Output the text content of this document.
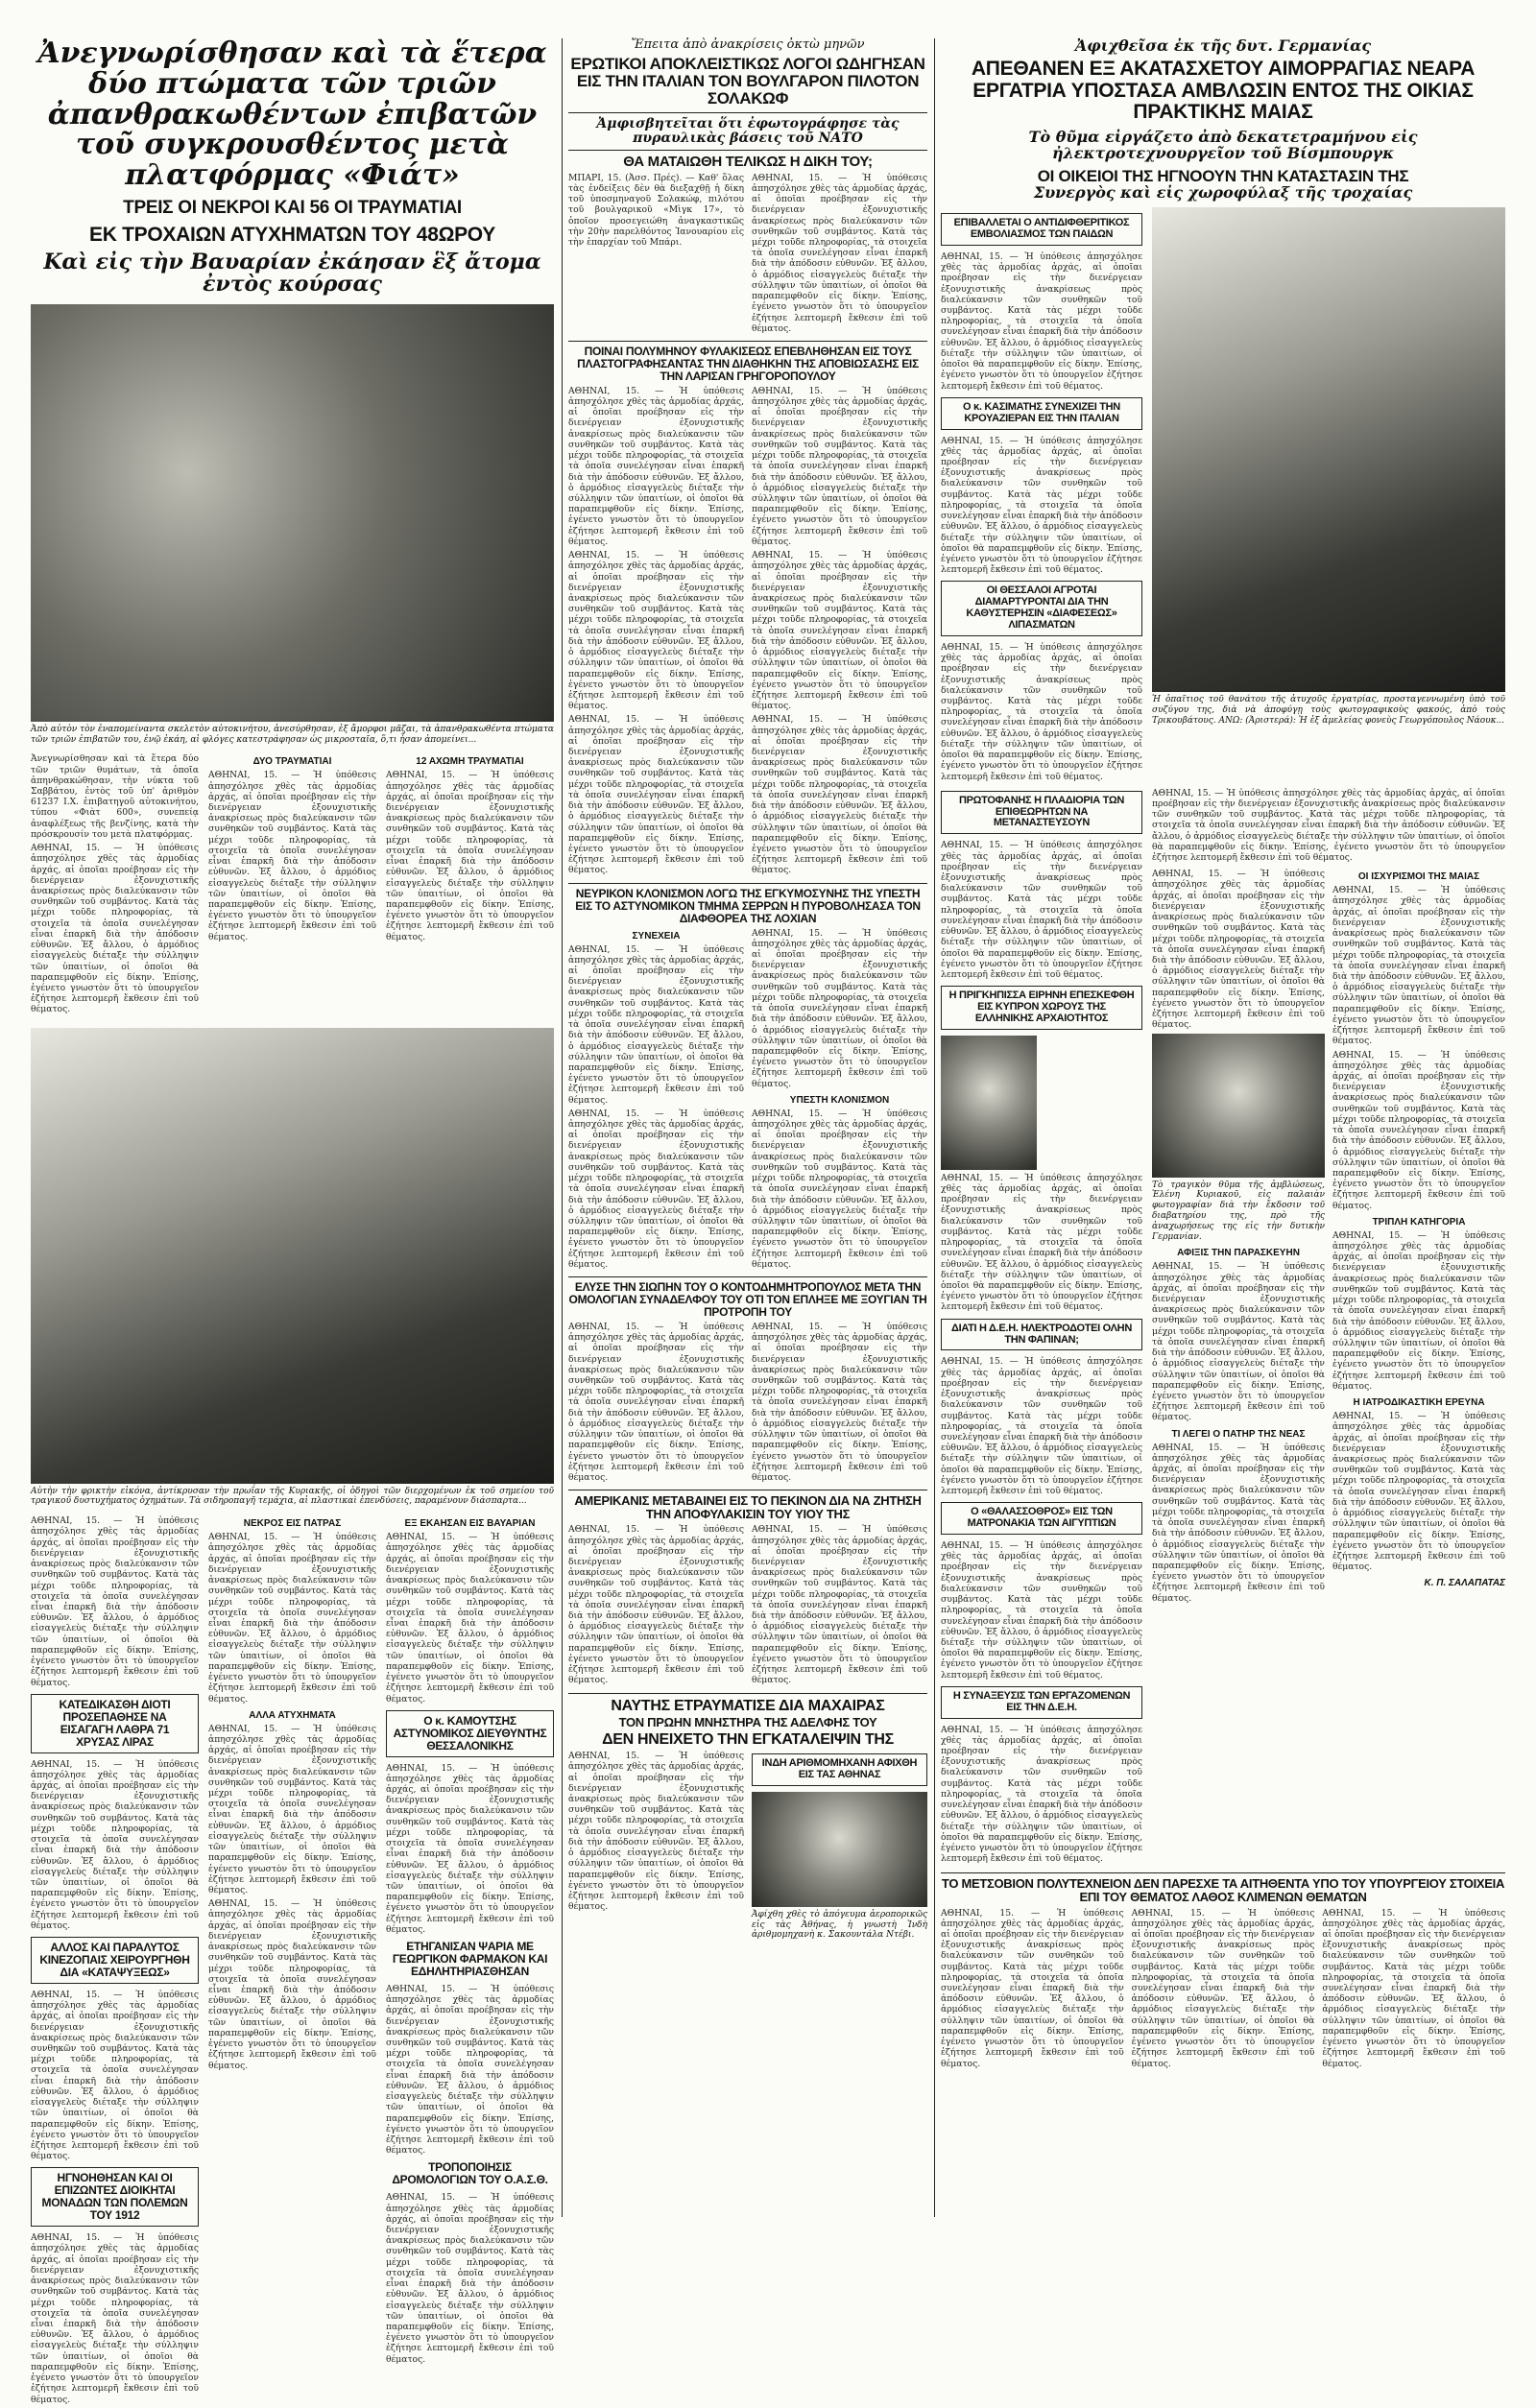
Ἀνεγνωρίσθησαν καὶ τὰ ἕτερα δύο πτώματα τῶν τριῶν ἀπανθρακωθέντων ἐπιβατῶν τοῦ συγκρουσθέντος μετὰ πλατφόρμας «Φιάτ»
ΤΡΕΙΣ ΟΙ ΝΕΚΡΟΙ ΚΑΙ 56 ΟΙ ΤΡΑΥΜΑΤΙΑΙ
ΕΚ ΤΡΟΧΑΙΩΝ ΑΤΥΧΗΜΑΤΩΝ ΤΟΥ 48ΩΡΟΥ
Καὶ εἰς τὴν Βαυαρίαν ἐκάησαν ἓξ ἄτομα ἐντὸς κούρσας
Ἀπὸ αὐτὸν τὸν ἐναπομείναντα σκελετὸν αὐτοκινήτου, ἀνεσύρθησαν, ἐξ ἄμορφοι μᾶζαι, τὰ ἀπανθρακωθέντα πτώματα τῶν τριῶν ἐπιβατῶν του, ἐνῷ ἐκάη, αἱ φλόγες κατεστράφησαν ὡς μικροσταῖα, ὅ,τι ἦσαν ἀπομείνει...
Ἀνεγνωρίσθησαν καὶ τὰ ἕτερα δύο τῶν τριῶν θυμάτων, τὰ ὁποῖα ἀπηνθρακώθησαν, τὴν νύκτα τοῦ Σαββάτου, ἐντὸς τοῦ ὑπ' ἀριθμὸν 61237 Ι.Χ. ἐπιβατηγοῦ αὐτοκινήτου, τύπου «Φιὰτ 600», συνεπείᾳ ἀναφλέξεως τῆς βενζίνης, κατὰ τὴν πρόσκρουσίν του μετὰ πλατφόρμας.
ΑΘΗΝΑΙ, 15. — Ἡ ὑπόθεσις ἀπησχόλησε χθὲς τὰς ἁρμοδίας ἀρχάς, αἱ ὁποῖαι προέβησαν εἰς τὴν διενέργειαν ἐξονυχιστικῆς ἀνακρίσεως πρὸς διαλεύκανσιν τῶν συνθηκῶν τοῦ συμβάντος. Κατὰ τὰς μέχρι τοῦδε πληροφορίας, τὰ στοιχεῖα τὰ ὁποῖα συνελέγησαν εἶναι ἐπαρκῆ διὰ τὴν ἀπόδοσιν εὐθυνῶν. Ἐξ ἄλλου, ὁ ἁρμόδιος εἰσαγγελεὺς διέταξε τὴν σύλληψιν τῶν ὑπαιτίων, οἱ ὁποῖοι θὰ παραπεμφθοῦν εἰς δίκην. Ἐπίσης, ἐγένετο γνωστὸν ὅτι τὸ ὑπουργεῖον ἐζήτησε λεπτομερῆ ἔκθεσιν ἐπὶ τοῦ θέματος.
ΔΥΟ ΤΡΑΥΜΑΤΙΑΙ
ΑΘΗΝΑΙ, 15. — Ἡ ὑπόθεσις ἀπησχόλησε χθὲς τὰς ἁρμοδίας ἀρχάς, αἱ ὁποῖαι προέβησαν εἰς τὴν διενέργειαν ἐξονυχιστικῆς ἀνακρίσεως πρὸς διαλεύκανσιν τῶν συνθηκῶν τοῦ συμβάντος. Κατὰ τὰς μέχρι τοῦδε πληροφορίας, τὰ στοιχεῖα τὰ ὁποῖα συνελέγησαν εἶναι ἐπαρκῆ διὰ τὴν ἀπόδοσιν εὐθυνῶν. Ἐξ ἄλλου, ὁ ἁρμόδιος εἰσαγγελεὺς διέταξε τὴν σύλληψιν τῶν ὑπαιτίων, οἱ ὁποῖοι θὰ παραπεμφθοῦν εἰς δίκην. Ἐπίσης, ἐγένετο γνωστὸν ὅτι τὸ ὑπουργεῖον ἐζήτησε λεπτομερῆ ἔκθεσιν ἐπὶ τοῦ θέματος.
12 ΑΧΩΜΗ ΤΡΑΥΜΑΤΙΑΙ
ΑΘΗΝΑΙ, 15. — Ἡ ὑπόθεσις ἀπησχόλησε χθὲς τὰς ἁρμοδίας ἀρχάς, αἱ ὁποῖαι προέβησαν εἰς τὴν διενέργειαν ἐξονυχιστικῆς ἀνακρίσεως πρὸς διαλεύκανσιν τῶν συνθηκῶν τοῦ συμβάντος. Κατὰ τὰς μέχρι τοῦδε πληροφορίας, τὰ στοιχεῖα τὰ ὁποῖα συνελέγησαν εἶναι ἐπαρκῆ διὰ τὴν ἀπόδοσιν εὐθυνῶν. Ἐξ ἄλλου, ὁ ἁρμόδιος εἰσαγγελεὺς διέταξε τὴν σύλληψιν τῶν ὑπαιτίων, οἱ ὁποῖοι θὰ παραπεμφθοῦν εἰς δίκην. Ἐπίσης, ἐγένετο γνωστὸν ὅτι τὸ ὑπουργεῖον ἐζήτησε λεπτομερῆ ἔκθεσιν ἐπὶ τοῦ θέματος.
Αὐτὴν τὴν φρικτὴν εἰκόνα, ἀντίκρυσαν τὴν πρωΐαν τῆς Κυριακῆς, οἱ ὁδηγοὶ τῶν διερχομένων ἐκ τοῦ σημείου τοῦ τραγικοῦ δυστυχήματος ὀχημάτων. Τὰ σιδηροπαγῆ τεμάχια, αἱ πλαστικαὶ ἐπενδύσεις, παραμένουν διάσπαρτα...
ΑΘΗΝΑΙ, 15. — Ἡ ὑπόθεσις ἀπησχόλησε χθὲς τὰς ἁρμοδίας ἀρχάς, αἱ ὁποῖαι προέβησαν εἰς τὴν διενέργειαν ἐξονυχιστικῆς ἀνακρίσεως πρὸς διαλεύκανσιν τῶν συνθηκῶν τοῦ συμβάντος. Κατὰ τὰς μέχρι τοῦδε πληροφορίας, τὰ στοιχεῖα τὰ ὁποῖα συνελέγησαν εἶναι ἐπαρκῆ διὰ τὴν ἀπόδοσιν εὐθυνῶν. Ἐξ ἄλλου, ὁ ἁρμόδιος εἰσαγγελεὺς διέταξε τὴν σύλληψιν τῶν ὑπαιτίων, οἱ ὁποῖοι θὰ παραπεμφθοῦν εἰς δίκην. Ἐπίσης, ἐγένετο γνωστὸν ὅτι τὸ ὑπουργεῖον ἐζήτησε λεπτομερῆ ἔκθεσιν ἐπὶ τοῦ θέματος.
ΚΑΤΕΔΙΚΑΣΘΗ ΔΙΟΤΙ ΠΡΟΣΕΠΑΘΗΣΕ ΝΑ ΕΙΣΑΓΑΓΗ ΛΑΘΡΑ 71 ΧΡΥΣΑΣ ΛΙΡΑΣ
ΑΘΗΝΑΙ, 15. — Ἡ ὑπόθεσις ἀπησχόλησε χθὲς τὰς ἁρμοδίας ἀρχάς, αἱ ὁποῖαι προέβησαν εἰς τὴν διενέργειαν ἐξονυχιστικῆς ἀνακρίσεως πρὸς διαλεύκανσιν τῶν συνθηκῶν τοῦ συμβάντος. Κατὰ τὰς μέχρι τοῦδε πληροφορίας, τὰ στοιχεῖα τὰ ὁποῖα συνελέγησαν εἶναι ἐπαρκῆ διὰ τὴν ἀπόδοσιν εὐθυνῶν. Ἐξ ἄλλου, ὁ ἁρμόδιος εἰσαγγελεὺς διέταξε τὴν σύλληψιν τῶν ὑπαιτίων, οἱ ὁποῖοι θὰ παραπεμφθοῦν εἰς δίκην. Ἐπίσης, ἐγένετο γνωστὸν ὅτι τὸ ὑπουργεῖον ἐζήτησε λεπτομερῆ ἔκθεσιν ἐπὶ τοῦ θέματος.
ΑΛΛΟΣ ΚΑΙ ΠΑΡΑΛΥΤΟΣ ΚΙΝΕΖΟΠΑΙΣ ΧΕΙΡΟΥΡΓΗΘΗ ΔΙΑ «ΚΑΤΑΨΥΞΕΩΣ»
ΑΘΗΝΑΙ, 15. — Ἡ ὑπόθεσις ἀπησχόλησε χθὲς τὰς ἁρμοδίας ἀρχάς, αἱ ὁποῖαι προέβησαν εἰς τὴν διενέργειαν ἐξονυχιστικῆς ἀνακρίσεως πρὸς διαλεύκανσιν τῶν συνθηκῶν τοῦ συμβάντος. Κατὰ τὰς μέχρι τοῦδε πληροφορίας, τὰ στοιχεῖα τὰ ὁποῖα συνελέγησαν εἶναι ἐπαρκῆ διὰ τὴν ἀπόδοσιν εὐθυνῶν. Ἐξ ἄλλου, ὁ ἁρμόδιος εἰσαγγελεὺς διέταξε τὴν σύλληψιν τῶν ὑπαιτίων, οἱ ὁποῖοι θὰ παραπεμφθοῦν εἰς δίκην. Ἐπίσης, ἐγένετο γνωστὸν ὅτι τὸ ὑπουργεῖον ἐζήτησε λεπτομερῆ ἔκθεσιν ἐπὶ τοῦ θέματος.
ΗΓΝΟΗΘΗΣΑΝ ΚΑΙ ΟΙ ΕΠΙΖΩΝΤΕΣ ΔΙΟΙΚΗΤΑΙ ΜΟΝΑΔΩΝ ΤΩΝ ΠΟΛΕΜΩΝ ΤΟΥ 1912
ΑΘΗΝΑΙ, 15. — Ἡ ὑπόθεσις ἀπησχόλησε χθὲς τὰς ἁρμοδίας ἀρχάς, αἱ ὁποῖαι προέβησαν εἰς τὴν διενέργειαν ἐξονυχιστικῆς ἀνακρίσεως πρὸς διαλεύκανσιν τῶν συνθηκῶν τοῦ συμβάντος. Κατὰ τὰς μέχρι τοῦδε πληροφορίας, τὰ στοιχεῖα τὰ ὁποῖα συνελέγησαν εἶναι ἐπαρκῆ διὰ τὴν ἀπόδοσιν εὐθυνῶν. Ἐξ ἄλλου, ὁ ἁρμόδιος εἰσαγγελεὺς διέταξε τὴν σύλληψιν τῶν ὑπαιτίων, οἱ ὁποῖοι θὰ παραπεμφθοῦν εἰς δίκην. Ἐπίσης, ἐγένετο γνωστὸν ὅτι τὸ ὑπουργεῖον ἐζήτησε λεπτομερῆ ἔκθεσιν ἐπὶ τοῦ θέματος.
ΝΕΚΡΟΣ ΕΙΣ ΠΑΤΡΑΣ
ΑΘΗΝΑΙ, 15. — Ἡ ὑπόθεσις ἀπησχόλησε χθὲς τὰς ἁρμοδίας ἀρχάς, αἱ ὁποῖαι προέβησαν εἰς τὴν διενέργειαν ἐξονυχιστικῆς ἀνακρίσεως πρὸς διαλεύκανσιν τῶν συνθηκῶν τοῦ συμβάντος. Κατὰ τὰς μέχρι τοῦδε πληροφορίας, τὰ στοιχεῖα τὰ ὁποῖα συνελέγησαν εἶναι ἐπαρκῆ διὰ τὴν ἀπόδοσιν εὐθυνῶν. Ἐξ ἄλλου, ὁ ἁρμόδιος εἰσαγγελεὺς διέταξε τὴν σύλληψιν τῶν ὑπαιτίων, οἱ ὁποῖοι θὰ παραπεμφθοῦν εἰς δίκην. Ἐπίσης, ἐγένετο γνωστὸν ὅτι τὸ ὑπουργεῖον ἐζήτησε λεπτομερῆ ἔκθεσιν ἐπὶ τοῦ θέματος.
ΑΛΛΑ ΑΤΥΧΗΜΑΤΑ
ΑΘΗΝΑΙ, 15. — Ἡ ὑπόθεσις ἀπησχόλησε χθὲς τὰς ἁρμοδίας ἀρχάς, αἱ ὁποῖαι προέβησαν εἰς τὴν διενέργειαν ἐξονυχιστικῆς ἀνακρίσεως πρὸς διαλεύκανσιν τῶν συνθηκῶν τοῦ συμβάντος. Κατὰ τὰς μέχρι τοῦδε πληροφορίας, τὰ στοιχεῖα τὰ ὁποῖα συνελέγησαν εἶναι ἐπαρκῆ διὰ τὴν ἀπόδοσιν εὐθυνῶν. Ἐξ ἄλλου, ὁ ἁρμόδιος εἰσαγγελεὺς διέταξε τὴν σύλληψιν τῶν ὑπαιτίων, οἱ ὁποῖοι θὰ παραπεμφθοῦν εἰς δίκην. Ἐπίσης, ἐγένετο γνωστὸν ὅτι τὸ ὑπουργεῖον ἐζήτησε λεπτομερῆ ἔκθεσιν ἐπὶ τοῦ θέματος.
ΑΘΗΝΑΙ, 15. — Ἡ ὑπόθεσις ἀπησχόλησε χθὲς τὰς ἁρμοδίας ἀρχάς, αἱ ὁποῖαι προέβησαν εἰς τὴν διενέργειαν ἐξονυχιστικῆς ἀνακρίσεως πρὸς διαλεύκανσιν τῶν συνθηκῶν τοῦ συμβάντος. Κατὰ τὰς μέχρι τοῦδε πληροφορίας, τὰ στοιχεῖα τὰ ὁποῖα συνελέγησαν εἶναι ἐπαρκῆ διὰ τὴν ἀπόδοσιν εὐθυνῶν. Ἐξ ἄλλου, ὁ ἁρμόδιος εἰσαγγελεὺς διέταξε τὴν σύλληψιν τῶν ὑπαιτίων, οἱ ὁποῖοι θὰ παραπεμφθοῦν εἰς δίκην. Ἐπίσης, ἐγένετο γνωστὸν ὅτι τὸ ὑπουργεῖον ἐζήτησε λεπτομερῆ ἔκθεσιν ἐπὶ τοῦ θέματος.
ΕΞ ΕΚΑΗΣΑΝ ΕΙΣ ΒΑΥΑΡΙΑΝ
ΑΘΗΝΑΙ, 15. — Ἡ ὑπόθεσις ἀπησχόλησε χθὲς τὰς ἁρμοδίας ἀρχάς, αἱ ὁποῖαι προέβησαν εἰς τὴν διενέργειαν ἐξονυχιστικῆς ἀνακρίσεως πρὸς διαλεύκανσιν τῶν συνθηκῶν τοῦ συμβάντος. Κατὰ τὰς μέχρι τοῦδε πληροφορίας, τὰ στοιχεῖα τὰ ὁποῖα συνελέγησαν εἶναι ἐπαρκῆ διὰ τὴν ἀπόδοσιν εὐθυνῶν. Ἐξ ἄλλου, ὁ ἁρμόδιος εἰσαγγελεὺς διέταξε τὴν σύλληψιν τῶν ὑπαιτίων, οἱ ὁποῖοι θὰ παραπεμφθοῦν εἰς δίκην. Ἐπίσης, ἐγένετο γνωστὸν ὅτι τὸ ὑπουργεῖον ἐζήτησε λεπτομερῆ ἔκθεσιν ἐπὶ τοῦ θέματος.
Ο κ. ΚΑΜΟΥΤΣΗΣ ΑΣΤΥΝΟΜΙΚΟΣ ΔΙΕΥΘΥΝΤΗΣ ΘΕΣΣΑΛΟΝΙΚΗΣ
ΑΘΗΝΑΙ, 15. — Ἡ ὑπόθεσις ἀπησχόλησε χθὲς τὰς ἁρμοδίας ἀρχάς, αἱ ὁποῖαι προέβησαν εἰς τὴν διενέργειαν ἐξονυχιστικῆς ἀνακρίσεως πρὸς διαλεύκανσιν τῶν συνθηκῶν τοῦ συμβάντος. Κατὰ τὰς μέχρι τοῦδε πληροφορίας, τὰ στοιχεῖα τὰ ὁποῖα συνελέγησαν εἶναι ἐπαρκῆ διὰ τὴν ἀπόδοσιν εὐθυνῶν. Ἐξ ἄλλου, ὁ ἁρμόδιος εἰσαγγελεὺς διέταξε τὴν σύλληψιν τῶν ὑπαιτίων, οἱ ὁποῖοι θὰ παραπεμφθοῦν εἰς δίκην. Ἐπίσης, ἐγένετο γνωστὸν ὅτι τὸ ὑπουργεῖον ἐζήτησε λεπτομερῆ ἔκθεσιν ἐπὶ τοῦ θέματος.
ΕΤΗΓΑΝΙΣΑΝ ΨΑΡΙΑ ΜΕ ΓΕΩΡΓΙΚΟΝ ΦΑΡΜΑΚΟΝ ΚΑΙ ΕΔΗΛΗΤΗΡΙΑΣΘΗΣΑΝ
ΑΘΗΝΑΙ, 15. — Ἡ ὑπόθεσις ἀπησχόλησε χθὲς τὰς ἁρμοδίας ἀρχάς, αἱ ὁποῖαι προέβησαν εἰς τὴν διενέργειαν ἐξονυχιστικῆς ἀνακρίσεως πρὸς διαλεύκανσιν τῶν συνθηκῶν τοῦ συμβάντος. Κατὰ τὰς μέχρι τοῦδε πληροφορίας, τὰ στοιχεῖα τὰ ὁποῖα συνελέγησαν εἶναι ἐπαρκῆ διὰ τὴν ἀπόδοσιν εὐθυνῶν. Ἐξ ἄλλου, ὁ ἁρμόδιος εἰσαγγελεὺς διέταξε τὴν σύλληψιν τῶν ὑπαιτίων, οἱ ὁποῖοι θὰ παραπεμφθοῦν εἰς δίκην. Ἐπίσης, ἐγένετο γνωστὸν ὅτι τὸ ὑπουργεῖον ἐζήτησε λεπτομερῆ ἔκθεσιν ἐπὶ τοῦ θέματος.
ΤΡΟΠΟΠΟΙΗΣΙΣ ΔΡΟΜΟΛΟΓΙΩΝ ΤΟΥ Ο.Α.Σ.Θ.
ΑΘΗΝΑΙ, 15. — Ἡ ὑπόθεσις ἀπησχόλησε χθὲς τὰς ἁρμοδίας ἀρχάς, αἱ ὁποῖαι προέβησαν εἰς τὴν διενέργειαν ἐξονυχιστικῆς ἀνακρίσεως πρὸς διαλεύκανσιν τῶν συνθηκῶν τοῦ συμβάντος. Κατὰ τὰς μέχρι τοῦδε πληροφορίας, τὰ στοιχεῖα τὰ ὁποῖα συνελέγησαν εἶναι ἐπαρκῆ διὰ τὴν ἀπόδοσιν εὐθυνῶν. Ἐξ ἄλλου, ὁ ἁρμόδιος εἰσαγγελεὺς διέταξε τὴν σύλληψιν τῶν ὑπαιτίων, οἱ ὁποῖοι θὰ παραπεμφθοῦν εἰς δίκην. Ἐπίσης, ἐγένετο γνωστὸν ὅτι τὸ ὑπουργεῖον ἐζήτησε λεπτομερῆ ἔκθεσιν ἐπὶ τοῦ θέματος.
Ἔπειτα ἀπὸ ἀνακρίσεις ὀκτὼ μηνῶν
ΕΡΩΤΙΚΟΙ ΑΠΟΚΛΕΙΣΤΙΚΩΣ ΛΟΓΟΙ ΩΔΗΓΗΣΑΝ ΕΙΣ ΤΗΝ ΙΤΑΛΙΑΝ ΤΟΝ ΒΟΥΛΓΑΡΟΝ ΠΙΛΟΤΟΝ ΣΟΛΑΚΩΦ
Ἀμφισβητεῖται ὅτι ἐφωτογράφησε τὰς πυραυλικὰς βάσεις τοῦ ΝΑΤΟ
ΘΑ ΜΑΤΑΙΩΘΗ ΤΕΛΙΚΩΣ Η ΔΙΚΗ ΤΟΥ;
ΜΠΑΡΙ, 15. (Ἀσσ. Πρές). — Καθ' ὅλας τὰς ἐνδείξεις δὲν θὰ διεξαχθῇ ἡ δίκη τοῦ ὑποσμηναγοῦ Σολακώφ, πιλότου τοῦ βουλγαρικοῦ «Μὶγκ 17», τὸ ὁποῖον προσεγειώθη ἀναγκαστικῶς τὴν 20ὴν παρελθόντος Ἰανουαρίου εἰς τὴν ἐπαρχίαν τοῦ Μπάρι.
ΑΘΗΝΑΙ, 15. — Ἡ ὑπόθεσις ἀπησχόλησε χθὲς τὰς ἁρμοδίας ἀρχάς, αἱ ὁποῖαι προέβησαν εἰς τὴν διενέργειαν ἐξονυχιστικῆς ἀνακρίσεως πρὸς διαλεύκανσιν τῶν συνθηκῶν τοῦ συμβάντος. Κατὰ τὰς μέχρι τοῦδε πληροφορίας, τὰ στοιχεῖα τὰ ὁποῖα συνελέγησαν εἶναι ἐπαρκῆ διὰ τὴν ἀπόδοσιν εὐθυνῶν. Ἐξ ἄλλου, ὁ ἁρμόδιος εἰσαγγελεὺς διέταξε τὴν σύλληψιν τῶν ὑπαιτίων, οἱ ὁποῖοι θὰ παραπεμφθοῦν εἰς δίκην. Ἐπίσης, ἐγένετο γνωστὸν ὅτι τὸ ὑπουργεῖον ἐζήτησε λεπτομερῆ ἔκθεσιν ἐπὶ τοῦ θέματος.
ΠΟΙΝΑΙ ΠΟΛΥΜΗΝΟΥ ΦΥΛΑΚΙΣΕΩΣ ΕΠΕΒΛΗΘΗΣΑΝ ΕΙΣ ΤΟΥΣ ΠΛΑΣΤΟΓΡΑΦΗΣΑΝΤΑΣ ΤΗΝ ΔΙΑΘΗΚΗΝ ΤΗΣ ΑΠΟΒΙΩΣΑΣΗΣ ΕΙΣ ΤΗΝ ΛΑΡΙΣΑΝ ΓΡΗΓΟΡΟΠΟΥΛΟΥ
ΑΘΗΝΑΙ, 15. — Ἡ ὑπόθεσις ἀπησχόλησε χθὲς τὰς ἁρμοδίας ἀρχάς, αἱ ὁποῖαι προέβησαν εἰς τὴν διενέργειαν ἐξονυχιστικῆς ἀνακρίσεως πρὸς διαλεύκανσιν τῶν συνθηκῶν τοῦ συμβάντος. Κατὰ τὰς μέχρι τοῦδε πληροφορίας, τὰ στοιχεῖα τὰ ὁποῖα συνελέγησαν εἶναι ἐπαρκῆ διὰ τὴν ἀπόδοσιν εὐθυνῶν. Ἐξ ἄλλου, ὁ ἁρμόδιος εἰσαγγελεὺς διέταξε τὴν σύλληψιν τῶν ὑπαιτίων, οἱ ὁποῖοι θὰ παραπεμφθοῦν εἰς δίκην. Ἐπίσης, ἐγένετο γνωστὸν ὅτι τὸ ὑπουργεῖον ἐζήτησε λεπτομερῆ ἔκθεσιν ἐπὶ τοῦ θέματος.
ΑΘΗΝΑΙ, 15. — Ἡ ὑπόθεσις ἀπησχόλησε χθὲς τὰς ἁρμοδίας ἀρχάς, αἱ ὁποῖαι προέβησαν εἰς τὴν διενέργειαν ἐξονυχιστικῆς ἀνακρίσεως πρὸς διαλεύκανσιν τῶν συνθηκῶν τοῦ συμβάντος. Κατὰ τὰς μέχρι τοῦδε πληροφορίας, τὰ στοιχεῖα τὰ ὁποῖα συνελέγησαν εἶναι ἐπαρκῆ διὰ τὴν ἀπόδοσιν εὐθυνῶν. Ἐξ ἄλλου, ὁ ἁρμόδιος εἰσαγγελεὺς διέταξε τὴν σύλληψιν τῶν ὑπαιτίων, οἱ ὁποῖοι θὰ παραπεμφθοῦν εἰς δίκην. Ἐπίσης, ἐγένετο γνωστὸν ὅτι τὸ ὑπουργεῖον ἐζήτησε λεπτομερῆ ἔκθεσιν ἐπὶ τοῦ θέματος.
ΑΘΗΝΑΙ, 15. — Ἡ ὑπόθεσις ἀπησχόλησε χθὲς τὰς ἁρμοδίας ἀρχάς, αἱ ὁποῖαι προέβησαν εἰς τὴν διενέργειαν ἐξονυχιστικῆς ἀνακρίσεως πρὸς διαλεύκανσιν τῶν συνθηκῶν τοῦ συμβάντος. Κατὰ τὰς μέχρι τοῦδε πληροφορίας, τὰ στοιχεῖα τὰ ὁποῖα συνελέγησαν εἶναι ἐπαρκῆ διὰ τὴν ἀπόδοσιν εὐθυνῶν. Ἐξ ἄλλου, ὁ ἁρμόδιος εἰσαγγελεὺς διέταξε τὴν σύλληψιν τῶν ὑπαιτίων, οἱ ὁποῖοι θὰ παραπεμφθοῦν εἰς δίκην. Ἐπίσης, ἐγένετο γνωστὸν ὅτι τὸ ὑπουργεῖον ἐζήτησε λεπτομερῆ ἔκθεσιν ἐπὶ τοῦ θέματος.
ΑΘΗΝΑΙ, 15. — Ἡ ὑπόθεσις ἀπησχόλησε χθὲς τὰς ἁρμοδίας ἀρχάς, αἱ ὁποῖαι προέβησαν εἰς τὴν διενέργειαν ἐξονυχιστικῆς ἀνακρίσεως πρὸς διαλεύκανσιν τῶν συνθηκῶν τοῦ συμβάντος. Κατὰ τὰς μέχρι τοῦδε πληροφορίας, τὰ στοιχεῖα τὰ ὁποῖα συνελέγησαν εἶναι ἐπαρκῆ διὰ τὴν ἀπόδοσιν εὐθυνῶν. Ἐξ ἄλλου, ὁ ἁρμόδιος εἰσαγγελεὺς διέταξε τὴν σύλληψιν τῶν ὑπαιτίων, οἱ ὁποῖοι θὰ παραπεμφθοῦν εἰς δίκην. Ἐπίσης, ἐγένετο γνωστὸν ὅτι τὸ ὑπουργεῖον ἐζήτησε λεπτομερῆ ἔκθεσιν ἐπὶ τοῦ θέματος.
ΑΘΗΝΑΙ, 15. — Ἡ ὑπόθεσις ἀπησχόλησε χθὲς τὰς ἁρμοδίας ἀρχάς, αἱ ὁποῖαι προέβησαν εἰς τὴν διενέργειαν ἐξονυχιστικῆς ἀνακρίσεως πρὸς διαλεύκανσιν τῶν συνθηκῶν τοῦ συμβάντος. Κατὰ τὰς μέχρι τοῦδε πληροφορίας, τὰ στοιχεῖα τὰ ὁποῖα συνελέγησαν εἶναι ἐπαρκῆ διὰ τὴν ἀπόδοσιν εὐθυνῶν. Ἐξ ἄλλου, ὁ ἁρμόδιος εἰσαγγελεὺς διέταξε τὴν σύλληψιν τῶν ὑπαιτίων, οἱ ὁποῖοι θὰ παραπεμφθοῦν εἰς δίκην. Ἐπίσης, ἐγένετο γνωστὸν ὅτι τὸ ὑπουργεῖον ἐζήτησε λεπτομερῆ ἔκθεσιν ἐπὶ τοῦ θέματος.
ΑΘΗΝΑΙ, 15. — Ἡ ὑπόθεσις ἀπησχόλησε χθὲς τὰς ἁρμοδίας ἀρχάς, αἱ ὁποῖαι προέβησαν εἰς τὴν διενέργειαν ἐξονυχιστικῆς ἀνακρίσεως πρὸς διαλεύκανσιν τῶν συνθηκῶν τοῦ συμβάντος. Κατὰ τὰς μέχρι τοῦδε πληροφορίας, τὰ στοιχεῖα τὰ ὁποῖα συνελέγησαν εἶναι ἐπαρκῆ διὰ τὴν ἀπόδοσιν εὐθυνῶν. Ἐξ ἄλλου, ὁ ἁρμόδιος εἰσαγγελεὺς διέταξε τὴν σύλληψιν τῶν ὑπαιτίων, οἱ ὁποῖοι θὰ παραπεμφθοῦν εἰς δίκην. Ἐπίσης, ἐγένετο γνωστὸν ὅτι τὸ ὑπουργεῖον ἐζήτησε λεπτομερῆ ἔκθεσιν ἐπὶ τοῦ θέματος.
ΝΕΥΡΙΚΟΝ ΚΛΟΝΙΣΜΟΝ ΛΟΓΩ ΤΗΣ ΕΓΚΥΜΟΣΥΝΗΣ ΤΗΣ ΥΠΕΣΤΗ ΕΙΣ ΤΟ ΑΣΤΥΝΟΜΙΚΟΝ ΤΜΗΜΑ ΣΕΡΡΩΝ Η ΠΥΡΟΒΟΛΗΣΑΣΑ ΤΟΝ ΔΙΑΦΘΟΡΕΑ ΤΗΣ ΛΟΧΙΑΝ
ΣΥΝΕΧΕΙΑ
ΑΘΗΝΑΙ, 15. — Ἡ ὑπόθεσις ἀπησχόλησε χθὲς τὰς ἁρμοδίας ἀρχάς, αἱ ὁποῖαι προέβησαν εἰς τὴν διενέργειαν ἐξονυχιστικῆς ἀνακρίσεως πρὸς διαλεύκανσιν τῶν συνθηκῶν τοῦ συμβάντος. Κατὰ τὰς μέχρι τοῦδε πληροφορίας, τὰ στοιχεῖα τὰ ὁποῖα συνελέγησαν εἶναι ἐπαρκῆ διὰ τὴν ἀπόδοσιν εὐθυνῶν. Ἐξ ἄλλου, ὁ ἁρμόδιος εἰσαγγελεὺς διέταξε τὴν σύλληψιν τῶν ὑπαιτίων, οἱ ὁποῖοι θὰ παραπεμφθοῦν εἰς δίκην. Ἐπίσης, ἐγένετο γνωστὸν ὅτι τὸ ὑπουργεῖον ἐζήτησε λεπτομερῆ ἔκθεσιν ἐπὶ τοῦ θέματος.
ΑΘΗΝΑΙ, 15. — Ἡ ὑπόθεσις ἀπησχόλησε χθὲς τὰς ἁρμοδίας ἀρχάς, αἱ ὁποῖαι προέβησαν εἰς τὴν διενέργειαν ἐξονυχιστικῆς ἀνακρίσεως πρὸς διαλεύκανσιν τῶν συνθηκῶν τοῦ συμβάντος. Κατὰ τὰς μέχρι τοῦδε πληροφορίας, τὰ στοιχεῖα τὰ ὁποῖα συνελέγησαν εἶναι ἐπαρκῆ διὰ τὴν ἀπόδοσιν εὐθυνῶν. Ἐξ ἄλλου, ὁ ἁρμόδιος εἰσαγγελεὺς διέταξε τὴν σύλληψιν τῶν ὑπαιτίων, οἱ ὁποῖοι θὰ παραπεμφθοῦν εἰς δίκην. Ἐπίσης, ἐγένετο γνωστὸν ὅτι τὸ ὑπουργεῖον ἐζήτησε λεπτομερῆ ἔκθεσιν ἐπὶ τοῦ θέματος.
ΑΘΗΝΑΙ, 15. — Ἡ ὑπόθεσις ἀπησχόλησε χθὲς τὰς ἁρμοδίας ἀρχάς, αἱ ὁποῖαι προέβησαν εἰς τὴν διενέργειαν ἐξονυχιστικῆς ἀνακρίσεως πρὸς διαλεύκανσιν τῶν συνθηκῶν τοῦ συμβάντος. Κατὰ τὰς μέχρι τοῦδε πληροφορίας, τὰ στοιχεῖα τὰ ὁποῖα συνελέγησαν εἶναι ἐπαρκῆ διὰ τὴν ἀπόδοσιν εὐθυνῶν. Ἐξ ἄλλου, ὁ ἁρμόδιος εἰσαγγελεὺς διέταξε τὴν σύλληψιν τῶν ὑπαιτίων, οἱ ὁποῖοι θὰ παραπεμφθοῦν εἰς δίκην. Ἐπίσης, ἐγένετο γνωστὸν ὅτι τὸ ὑπουργεῖον ἐζήτησε λεπτομερῆ ἔκθεσιν ἐπὶ τοῦ θέματος.
ΥΠΕΣΤΗ ΚΛΟΝΙΣΜΟΝ
ΑΘΗΝΑΙ, 15. — Ἡ ὑπόθεσις ἀπησχόλησε χθὲς τὰς ἁρμοδίας ἀρχάς, αἱ ὁποῖαι προέβησαν εἰς τὴν διενέργειαν ἐξονυχιστικῆς ἀνακρίσεως πρὸς διαλεύκανσιν τῶν συνθηκῶν τοῦ συμβάντος. Κατὰ τὰς μέχρι τοῦδε πληροφορίας, τὰ στοιχεῖα τὰ ὁποῖα συνελέγησαν εἶναι ἐπαρκῆ διὰ τὴν ἀπόδοσιν εὐθυνῶν. Ἐξ ἄλλου, ὁ ἁρμόδιος εἰσαγγελεὺς διέταξε τὴν σύλληψιν τῶν ὑπαιτίων, οἱ ὁποῖοι θὰ παραπεμφθοῦν εἰς δίκην. Ἐπίσης, ἐγένετο γνωστὸν ὅτι τὸ ὑπουργεῖον ἐζήτησε λεπτομερῆ ἔκθεσιν ἐπὶ τοῦ θέματος.
ΕΛΥΣΕ ΤΗΝ ΣΙΩΠΗΝ ΤΟΥ Ο ΚΟΝΤΟΔΗΜΗΤΡΟΠΟΥΛΟΣ ΜΕΤΑ ΤΗΝ ΟΜΟΛΟΓΙΑΝ ΣΥΝΑΔΕΛΦΟΥ ΤΟΥ ΟΤΙ ΤΟΝ ΕΠΛΗΞΕ ΜΕ ΞΟΥΓΙΑΝ ΤΗ ΠΡΟΤΡΟΠΗ ΤΟΥ
ΑΘΗΝΑΙ, 15. — Ἡ ὑπόθεσις ἀπησχόλησε χθὲς τὰς ἁρμοδίας ἀρχάς, αἱ ὁποῖαι προέβησαν εἰς τὴν διενέργειαν ἐξονυχιστικῆς ἀνακρίσεως πρὸς διαλεύκανσιν τῶν συνθηκῶν τοῦ συμβάντος. Κατὰ τὰς μέχρι τοῦδε πληροφορίας, τὰ στοιχεῖα τὰ ὁποῖα συνελέγησαν εἶναι ἐπαρκῆ διὰ τὴν ἀπόδοσιν εὐθυνῶν. Ἐξ ἄλλου, ὁ ἁρμόδιος εἰσαγγελεὺς διέταξε τὴν σύλληψιν τῶν ὑπαιτίων, οἱ ὁποῖοι θὰ παραπεμφθοῦν εἰς δίκην. Ἐπίσης, ἐγένετο γνωστὸν ὅτι τὸ ὑπουργεῖον ἐζήτησε λεπτομερῆ ἔκθεσιν ἐπὶ τοῦ θέματος.
ΑΘΗΝΑΙ, 15. — Ἡ ὑπόθεσις ἀπησχόλησε χθὲς τὰς ἁρμοδίας ἀρχάς, αἱ ὁποῖαι προέβησαν εἰς τὴν διενέργειαν ἐξονυχιστικῆς ἀνακρίσεως πρὸς διαλεύκανσιν τῶν συνθηκῶν τοῦ συμβάντος. Κατὰ τὰς μέχρι τοῦδε πληροφορίας, τὰ στοιχεῖα τὰ ὁποῖα συνελέγησαν εἶναι ἐπαρκῆ διὰ τὴν ἀπόδοσιν εὐθυνῶν. Ἐξ ἄλλου, ὁ ἁρμόδιος εἰσαγγελεὺς διέταξε τὴν σύλληψιν τῶν ὑπαιτίων, οἱ ὁποῖοι θὰ παραπεμφθοῦν εἰς δίκην. Ἐπίσης, ἐγένετο γνωστὸν ὅτι τὸ ὑπουργεῖον ἐζήτησε λεπτομερῆ ἔκθεσιν ἐπὶ τοῦ θέματος.
ΑΜΕΡΙΚΑΝΙΣ ΜΕΤΑΒΑΙΝΕΙ ΕΙΣ ΤΟ ΠΕΚΙΝΟΝ ΔΙΑ ΝΑ ΖΗΤΗΣΗ ΤΗΝ ΑΠΟΦΥΛΑΚΙΣΙΝ ΤΟΥ ΥΙΟΥ ΤΗΣ
ΑΘΗΝΑΙ, 15. — Ἡ ὑπόθεσις ἀπησχόλησε χθὲς τὰς ἁρμοδίας ἀρχάς, αἱ ὁποῖαι προέβησαν εἰς τὴν διενέργειαν ἐξονυχιστικῆς ἀνακρίσεως πρὸς διαλεύκανσιν τῶν συνθηκῶν τοῦ συμβάντος. Κατὰ τὰς μέχρι τοῦδε πληροφορίας, τὰ στοιχεῖα τὰ ὁποῖα συνελέγησαν εἶναι ἐπαρκῆ διὰ τὴν ἀπόδοσιν εὐθυνῶν. Ἐξ ἄλλου, ὁ ἁρμόδιος εἰσαγγελεὺς διέταξε τὴν σύλληψιν τῶν ὑπαιτίων, οἱ ὁποῖοι θὰ παραπεμφθοῦν εἰς δίκην. Ἐπίσης, ἐγένετο γνωστὸν ὅτι τὸ ὑπουργεῖον ἐζήτησε λεπτομερῆ ἔκθεσιν ἐπὶ τοῦ θέματος.
ΑΘΗΝΑΙ, 15. — Ἡ ὑπόθεσις ἀπησχόλησε χθὲς τὰς ἁρμοδίας ἀρχάς, αἱ ὁποῖαι προέβησαν εἰς τὴν διενέργειαν ἐξονυχιστικῆς ἀνακρίσεως πρὸς διαλεύκανσιν τῶν συνθηκῶν τοῦ συμβάντος. Κατὰ τὰς μέχρι τοῦδε πληροφορίας, τὰ στοιχεῖα τὰ ὁποῖα συνελέγησαν εἶναι ἐπαρκῆ διὰ τὴν ἀπόδοσιν εὐθυνῶν. Ἐξ ἄλλου, ὁ ἁρμόδιος εἰσαγγελεὺς διέταξε τὴν σύλληψιν τῶν ὑπαιτίων, οἱ ὁποῖοι θὰ παραπεμφθοῦν εἰς δίκην. Ἐπίσης, ἐγένετο γνωστὸν ὅτι τὸ ὑπουργεῖον ἐζήτησε λεπτομερῆ ἔκθεσιν ἐπὶ τοῦ θέματος.
ΝΑΥΤΗΣ ΕΤΡΑΥΜΑΤΙΣΕ ΔΙΑ ΜΑΧΑΙΡΑΣ
ΤΟΝ ΠΡΩΗΝ ΜΝΗΣΤΗΡΑ ΤΗΣ ΑΔΕΛΦΗΣ ΤΟΥ
ΔΕΝ ΗΝΕΙΧΕΤΟ ΤΗΝ ΕΓΚΑΤΑΛΕΙΨΙΝ ΤΗΣ
ΑΘΗΝΑΙ, 15. — Ἡ ὑπόθεσις ἀπησχόλησε χθὲς τὰς ἁρμοδίας ἀρχάς, αἱ ὁποῖαι προέβησαν εἰς τὴν διενέργειαν ἐξονυχιστικῆς ἀνακρίσεως πρὸς διαλεύκανσιν τῶν συνθηκῶν τοῦ συμβάντος. Κατὰ τὰς μέχρι τοῦδε πληροφορίας, τὰ στοιχεῖα τὰ ὁποῖα συνελέγησαν εἶναι ἐπαρκῆ διὰ τὴν ἀπόδοσιν εὐθυνῶν. Ἐξ ἄλλου, ὁ ἁρμόδιος εἰσαγγελεὺς διέταξε τὴν σύλληψιν τῶν ὑπαιτίων, οἱ ὁποῖοι θὰ παραπεμφθοῦν εἰς δίκην. Ἐπίσης, ἐγένετο γνωστὸν ὅτι τὸ ὑπουργεῖον ἐζήτησε λεπτομερῆ ἔκθεσιν ἐπὶ τοῦ θέματος.
ΙΝΔΗ ΑΡΙΘΜΟΜΗΧΑΝΗ ΑΦΙΧΘΗ ΕΙΣ ΤΑΣ ΑΘΗΝΑΣ
Ἀφίχθη χθὲς τὸ ἀπόγευμα ἀεροπορικῶς εἰς τὰς Ἀθήνας, ἡ γνωστὴ Ἰνδὴ ἀριθμομηχανὴ κ. Σακουντάλα Ντέβι.
Ἀφιχθεῖσα ἐκ τῆς δυτ. Γερμανίας
ΑΠΕΘΑΝΕΝ ΕΞ ΑΚΑΤΑΣΧΕΤΟΥ ΑΙΜΟΡΡΑΓΙΑΣ ΝΕΑΡΑ ΕΡΓΑΤΡΙΑ ΥΠΟΣΤΑΣΑ ΑΜΒΛΩΣΙΝ ΕΝΤΟΣ ΤΗΣ ΟΙΚΙΑΣ ΠΡΑΚΤΙΚΗΣ ΜΑΙΑΣ
Τὸ θῦμα εἰργάζετο ἀπὸ δεκατετραμήνου εἰς ἠλεκτροτεχνουργεῖον τοῦ Βίσμπουργκ
ΟΙ ΟΙΚΕΙΟΙ ΤΗΣ ΗΓΝΟΟΥΝ ΤΗΝ ΚΑΤΑΣΤΑΣΙΝ ΤΗΣ
Συνεργὸς καὶ εἰς χωροφύλαξ τῆς τροχαίας
ΕΠΙΒΑΛΛΕΤΑΙ Ο ΑΝΤΙΔΙΦΘΕΡΙΤΙΚΟΣ ΕΜΒΟΛΙΑΣΜΟΣ ΤΩΝ ΠΑΙΔΩΝ
ΑΘΗΝΑΙ, 15. — Ἡ ὑπόθεσις ἀπησχόλησε χθὲς τὰς ἁρμοδίας ἀρχάς, αἱ ὁποῖαι προέβησαν εἰς τὴν διενέργειαν ἐξονυχιστικῆς ἀνακρίσεως πρὸς διαλεύκανσιν τῶν συνθηκῶν τοῦ συμβάντος. Κατὰ τὰς μέχρι τοῦδε πληροφορίας, τὰ στοιχεῖα τὰ ὁποῖα συνελέγησαν εἶναι ἐπαρκῆ διὰ τὴν ἀπόδοσιν εὐθυνῶν. Ἐξ ἄλλου, ὁ ἁρμόδιος εἰσαγγελεὺς διέταξε τὴν σύλληψιν τῶν ὑπαιτίων, οἱ ὁποῖοι θὰ παραπεμφθοῦν εἰς δίκην. Ἐπίσης, ἐγένετο γνωστὸν ὅτι τὸ ὑπουργεῖον ἐζήτησε λεπτομερῆ ἔκθεσιν ἐπὶ τοῦ θέματος.
Ο κ. ΚΑΣΙΜΑΤΗΣ ΣΥΝΕΧΙΖΕΙ ΤΗΝ ΚΡΟΥΑΖΙΕΡΑΝ ΕΙΣ ΤΗΝ ΙΤΑΛΙΑΝ
ΑΘΗΝΑΙ, 15. — Ἡ ὑπόθεσις ἀπησχόλησε χθὲς τὰς ἁρμοδίας ἀρχάς, αἱ ὁποῖαι προέβησαν εἰς τὴν διενέργειαν ἐξονυχιστικῆς ἀνακρίσεως πρὸς διαλεύκανσιν τῶν συνθηκῶν τοῦ συμβάντος. Κατὰ τὰς μέχρι τοῦδε πληροφορίας, τὰ στοιχεῖα τὰ ὁποῖα συνελέγησαν εἶναι ἐπαρκῆ διὰ τὴν ἀπόδοσιν εὐθυνῶν. Ἐξ ἄλλου, ὁ ἁρμόδιος εἰσαγγελεὺς διέταξε τὴν σύλληψιν τῶν ὑπαιτίων, οἱ ὁποῖοι θὰ παραπεμφθοῦν εἰς δίκην. Ἐπίσης, ἐγένετο γνωστὸν ὅτι τὸ ὑπουργεῖον ἐζήτησε λεπτομερῆ ἔκθεσιν ἐπὶ τοῦ θέματος.
ΟΙ ΘΕΣΣΑΛΟΙ ΑΓΡΟΤΑΙ ΔΙΑΜΑΡΤΥΡΟΝΤΑΙ ΔΙΑ ΤΗΝ ΚΑΘΥΣΤΕΡΗΣΙΝ «ΔΙΑΦΕΣΕΩΣ» ΛΙΠΑΣΜΑΤΩΝ
ΑΘΗΝΑΙ, 15. — Ἡ ὑπόθεσις ἀπησχόλησε χθὲς τὰς ἁρμοδίας ἀρχάς, αἱ ὁποῖαι προέβησαν εἰς τὴν διενέργειαν ἐξονυχιστικῆς ἀνακρίσεως πρὸς διαλεύκανσιν τῶν συνθηκῶν τοῦ συμβάντος. Κατὰ τὰς μέχρι τοῦδε πληροφορίας, τὰ στοιχεῖα τὰ ὁποῖα συνελέγησαν εἶναι ἐπαρκῆ διὰ τὴν ἀπόδοσιν εὐθυνῶν. Ἐξ ἄλλου, ὁ ἁρμόδιος εἰσαγγελεὺς διέταξε τὴν σύλληψιν τῶν ὑπαιτίων, οἱ ὁποῖοι θὰ παραπεμφθοῦν εἰς δίκην. Ἐπίσης, ἐγένετο γνωστὸν ὅτι τὸ ὑπουργεῖον ἐζήτησε λεπτομερῆ ἔκθεσιν ἐπὶ τοῦ θέματος.
Ἡ ὁπαῖτιος τοῦ θανάτου τῆς ἀτυχοῦς ἐργατρίας, προσταγεννωμένη ὑπὸ τοῦ συζύγου της, διὰ νὰ ἀποφύγῃ τοὺς φωτογραφικοὺς φακούς, ἀπὸ τοὺς Τρικουβάτους. ΑΝΩ: (Ἀριστερά): Ἡ ἐξ ἀμελείας φονεὺς Γεωργόπουλος Νάουκ...
ΠΡΩΤΟΦΑΝΗΣ Η ΠΛΑΔΙΟΡΙΑ ΤΩΝ ΕΠΙΘΕΩΡΗΤΩΝ ΝΑ ΜΕΤΑΝΑΣΤΕΥΣΟΥΝ
ΑΘΗΝΑΙ, 15. — Ἡ ὑπόθεσις ἀπησχόλησε χθὲς τὰς ἁρμοδίας ἀρχάς, αἱ ὁποῖαι προέβησαν εἰς τὴν διενέργειαν ἐξονυχιστικῆς ἀνακρίσεως πρὸς διαλεύκανσιν τῶν συνθηκῶν τοῦ συμβάντος. Κατὰ τὰς μέχρι τοῦδε πληροφορίας, τὰ στοιχεῖα τὰ ὁποῖα συνελέγησαν εἶναι ἐπαρκῆ διὰ τὴν ἀπόδοσιν εὐθυνῶν. Ἐξ ἄλλου, ὁ ἁρμόδιος εἰσαγγελεὺς διέταξε τὴν σύλληψιν τῶν ὑπαιτίων, οἱ ὁποῖοι θὰ παραπεμφθοῦν εἰς δίκην. Ἐπίσης, ἐγένετο γνωστὸν ὅτι τὸ ὑπουργεῖον ἐζήτησε λεπτομερῆ ἔκθεσιν ἐπὶ τοῦ θέματος.
Η ΠΡΙΓΚΗΠΙΣΣΑ ΕΙΡΗΝΗ ΕΠΕΣΚΕΦΘΗ ΕΙΣ ΚΥΠΡΟΝ ΧΩΡΟΥΣ ΤΗΣ ΕΛΛΗΝΙΚΗΣ ΑΡΧΑΙΟΤΗΤΟΣ
ΑΘΗΝΑΙ, 15. — Ἡ ὑπόθεσις ἀπησχόλησε χθὲς τὰς ἁρμοδίας ἀρχάς, αἱ ὁποῖαι προέβησαν εἰς τὴν διενέργειαν ἐξονυχιστικῆς ἀνακρίσεως πρὸς διαλεύκανσιν τῶν συνθηκῶν τοῦ συμβάντος. Κατὰ τὰς μέχρι τοῦδε πληροφορίας, τὰ στοιχεῖα τὰ ὁποῖα συνελέγησαν εἶναι ἐπαρκῆ διὰ τὴν ἀπόδοσιν εὐθυνῶν. Ἐξ ἄλλου, ὁ ἁρμόδιος εἰσαγγελεὺς διέταξε τὴν σύλληψιν τῶν ὑπαιτίων, οἱ ὁποῖοι θὰ παραπεμφθοῦν εἰς δίκην. Ἐπίσης, ἐγένετο γνωστὸν ὅτι τὸ ὑπουργεῖον ἐζήτησε λεπτομερῆ ἔκθεσιν ἐπὶ τοῦ θέματος.
ΔΙΑΤΙ Η Δ.Ε.Η. ΗΛΕΚΤΡΟΔΟΤΕΙ ΟΛΗΝ ΤΗΝ ΦΑΠΙΝΑΝ;
ΑΘΗΝΑΙ, 15. — Ἡ ὑπόθεσις ἀπησχόλησε χθὲς τὰς ἁρμοδίας ἀρχάς, αἱ ὁποῖαι προέβησαν εἰς τὴν διενέργειαν ἐξονυχιστικῆς ἀνακρίσεως πρὸς διαλεύκανσιν τῶν συνθηκῶν τοῦ συμβάντος. Κατὰ τὰς μέχρι τοῦδε πληροφορίας, τὰ στοιχεῖα τὰ ὁποῖα συνελέγησαν εἶναι ἐπαρκῆ διὰ τὴν ἀπόδοσιν εὐθυνῶν. Ἐξ ἄλλου, ὁ ἁρμόδιος εἰσαγγελεὺς διέταξε τὴν σύλληψιν τῶν ὑπαιτίων, οἱ ὁποῖοι θὰ παραπεμφθοῦν εἰς δίκην. Ἐπίσης, ἐγένετο γνωστὸν ὅτι τὸ ὑπουργεῖον ἐζήτησε λεπτομερῆ ἔκθεσιν ἐπὶ τοῦ θέματος.
Ο «ΘΑΛΑΣΣΟΘΡΟΣ» ΕΙΣ ΤΩΝ ΜΑΤΡΟΝΑΚΙΑ ΤΩΝ ΑΙΓΥΠΤΙΩΝ
ΑΘΗΝΑΙ, 15. — Ἡ ὑπόθεσις ἀπησχόλησε χθὲς τὰς ἁρμοδίας ἀρχάς, αἱ ὁποῖαι προέβησαν εἰς τὴν διενέργειαν ἐξονυχιστικῆς ἀνακρίσεως πρὸς διαλεύκανσιν τῶν συνθηκῶν τοῦ συμβάντος. Κατὰ τὰς μέχρι τοῦδε πληροφορίας, τὰ στοιχεῖα τὰ ὁποῖα συνελέγησαν εἶναι ἐπαρκῆ διὰ τὴν ἀπόδοσιν εὐθυνῶν. Ἐξ ἄλλου, ὁ ἁρμόδιος εἰσαγγελεὺς διέταξε τὴν σύλληψιν τῶν ὑπαιτίων, οἱ ὁποῖοι θὰ παραπεμφθοῦν εἰς δίκην. Ἐπίσης, ἐγένετο γνωστὸν ὅτι τὸ ὑπουργεῖον ἐζήτησε λεπτομερῆ ἔκθεσιν ἐπὶ τοῦ θέματος.
Η ΣΥΝΑΞΕΥΣΙΣ ΤΩΝ ΕΡΓΑΖΟΜΕΝΩΝ ΕΙΣ ΤΗΝ Δ.Ε.Η.
ΑΘΗΝΑΙ, 15. — Ἡ ὑπόθεσις ἀπησχόλησε χθὲς τὰς ἁρμοδίας ἀρχάς, αἱ ὁποῖαι προέβησαν εἰς τὴν διενέργειαν ἐξονυχιστικῆς ἀνακρίσεως πρὸς διαλεύκανσιν τῶν συνθηκῶν τοῦ συμβάντος. Κατὰ τὰς μέχρι τοῦδε πληροφορίας, τὰ στοιχεῖα τὰ ὁποῖα συνελέγησαν εἶναι ἐπαρκῆ διὰ τὴν ἀπόδοσιν εὐθυνῶν. Ἐξ ἄλλου, ὁ ἁρμόδιος εἰσαγγελεὺς διέταξε τὴν σύλληψιν τῶν ὑπαιτίων, οἱ ὁποῖοι θὰ παραπεμφθοῦν εἰς δίκην. Ἐπίσης, ἐγένετο γνωστὸν ὅτι τὸ ὑπουργεῖον ἐζήτησε λεπτομερῆ ἔκθεσιν ἐπὶ τοῦ θέματος.
ΑΘΗΝΑΙ, 15. — Ἡ ὑπόθεσις ἀπησχόλησε χθὲς τὰς ἁρμοδίας ἀρχάς, αἱ ὁποῖαι προέβησαν εἰς τὴν διενέργειαν ἐξονυχιστικῆς ἀνακρίσεως πρὸς διαλεύκανσιν τῶν συνθηκῶν τοῦ συμβάντος. Κατὰ τὰς μέχρι τοῦδε πληροφορίας, τὰ στοιχεῖα τὰ ὁποῖα συνελέγησαν εἶναι ἐπαρκῆ διὰ τὴν ἀπόδοσιν εὐθυνῶν. Ἐξ ἄλλου, ὁ ἁρμόδιος εἰσαγγελεὺς διέταξε τὴν σύλληψιν τῶν ὑπαιτίων, οἱ ὁποῖοι θὰ παραπεμφθοῦν εἰς δίκην. Ἐπίσης, ἐγένετο γνωστὸν ὅτι τὸ ὑπουργεῖον ἐζήτησε λεπτομερῆ ἔκθεσιν ἐπὶ τοῦ θέματος.
ΑΘΗΝΑΙ, 15. — Ἡ ὑπόθεσις ἀπησχόλησε χθὲς τὰς ἁρμοδίας ἀρχάς, αἱ ὁποῖαι προέβησαν εἰς τὴν διενέργειαν ἐξονυχιστικῆς ἀνακρίσεως πρὸς διαλεύκανσιν τῶν συνθηκῶν τοῦ συμβάντος. Κατὰ τὰς μέχρι τοῦδε πληροφορίας, τὰ στοιχεῖα τὰ ὁποῖα συνελέγησαν εἶναι ἐπαρκῆ διὰ τὴν ἀπόδοσιν εὐθυνῶν. Ἐξ ἄλλου, ὁ ἁρμόδιος εἰσαγγελεὺς διέταξε τὴν σύλληψιν τῶν ὑπαιτίων, οἱ ὁποῖοι θὰ παραπεμφθοῦν εἰς δίκην. Ἐπίσης, ἐγένετο γνωστὸν ὅτι τὸ ὑπουργεῖον ἐζήτησε λεπτομερῆ ἔκθεσιν ἐπὶ τοῦ θέματος.
Τὸ τραγικὸν θῦμα τῆς ἀμβλώσεως, Ἑλένη Κυριακοῦ, εἰς παλαιὰν φωτογραφίαν διὰ τὴν ἔκδοσιν τοῦ διαβατηρίου της, πρὸ τῆς ἀναχωρήσεως της εἰς τὴν δυτικὴν Γερμανίαν.
ΑΦΙΞΙΣ ΤΗΝ ΠΑΡΑΣΚΕΥΗΝ
ΑΘΗΝΑΙ, 15. — Ἡ ὑπόθεσις ἀπησχόλησε χθὲς τὰς ἁρμοδίας ἀρχάς, αἱ ὁποῖαι προέβησαν εἰς τὴν διενέργειαν ἐξονυχιστικῆς ἀνακρίσεως πρὸς διαλεύκανσιν τῶν συνθηκῶν τοῦ συμβάντος. Κατὰ τὰς μέχρι τοῦδε πληροφορίας, τὰ στοιχεῖα τὰ ὁποῖα συνελέγησαν εἶναι ἐπαρκῆ διὰ τὴν ἀπόδοσιν εὐθυνῶν. Ἐξ ἄλλου, ὁ ἁρμόδιος εἰσαγγελεὺς διέταξε τὴν σύλληψιν τῶν ὑπαιτίων, οἱ ὁποῖοι θὰ παραπεμφθοῦν εἰς δίκην. Ἐπίσης, ἐγένετο γνωστὸν ὅτι τὸ ὑπουργεῖον ἐζήτησε λεπτομερῆ ἔκθεσιν ἐπὶ τοῦ θέματος.
ΤΙ ΛΕΓΕΙ Ο ΠΑΤΗΡ ΤΗΣ ΝΕΑΣ
ΑΘΗΝΑΙ, 15. — Ἡ ὑπόθεσις ἀπησχόλησε χθὲς τὰς ἁρμοδίας ἀρχάς, αἱ ὁποῖαι προέβησαν εἰς τὴν διενέργειαν ἐξονυχιστικῆς ἀνακρίσεως πρὸς διαλεύκανσιν τῶν συνθηκῶν τοῦ συμβάντος. Κατὰ τὰς μέχρι τοῦδε πληροφορίας, τὰ στοιχεῖα τὰ ὁποῖα συνελέγησαν εἶναι ἐπαρκῆ διὰ τὴν ἀπόδοσιν εὐθυνῶν. Ἐξ ἄλλου, ὁ ἁρμόδιος εἰσαγγελεὺς διέταξε τὴν σύλληψιν τῶν ὑπαιτίων, οἱ ὁποῖοι θὰ παραπεμφθοῦν εἰς δίκην. Ἐπίσης, ἐγένετο γνωστὸν ὅτι τὸ ὑπουργεῖον ἐζήτησε λεπτομερῆ ἔκθεσιν ἐπὶ τοῦ θέματος.
ΟΙ ΙΣΧΥΡΙΣΜΟΙ ΤΗΣ ΜΑΙΑΣ
ΑΘΗΝΑΙ, 15. — Ἡ ὑπόθεσις ἀπησχόλησε χθὲς τὰς ἁρμοδίας ἀρχάς, αἱ ὁποῖαι προέβησαν εἰς τὴν διενέργειαν ἐξονυχιστικῆς ἀνακρίσεως πρὸς διαλεύκανσιν τῶν συνθηκῶν τοῦ συμβάντος. Κατὰ τὰς μέχρι τοῦδε πληροφορίας, τὰ στοιχεῖα τὰ ὁποῖα συνελέγησαν εἶναι ἐπαρκῆ διὰ τὴν ἀπόδοσιν εὐθυνῶν. Ἐξ ἄλλου, ὁ ἁρμόδιος εἰσαγγελεὺς διέταξε τὴν σύλληψιν τῶν ὑπαιτίων, οἱ ὁποῖοι θὰ παραπεμφθοῦν εἰς δίκην. Ἐπίσης, ἐγένετο γνωστὸν ὅτι τὸ ὑπουργεῖον ἐζήτησε λεπτομερῆ ἔκθεσιν ἐπὶ τοῦ θέματος.
ΑΘΗΝΑΙ, 15. — Ἡ ὑπόθεσις ἀπησχόλησε χθὲς τὰς ἁρμοδίας ἀρχάς, αἱ ὁποῖαι προέβησαν εἰς τὴν διενέργειαν ἐξονυχιστικῆς ἀνακρίσεως πρὸς διαλεύκανσιν τῶν συνθηκῶν τοῦ συμβάντος. Κατὰ τὰς μέχρι τοῦδε πληροφορίας, τὰ στοιχεῖα τὰ ὁποῖα συνελέγησαν εἶναι ἐπαρκῆ διὰ τὴν ἀπόδοσιν εὐθυνῶν. Ἐξ ἄλλου, ὁ ἁρμόδιος εἰσαγγελεὺς διέταξε τὴν σύλληψιν τῶν ὑπαιτίων, οἱ ὁποῖοι θὰ παραπεμφθοῦν εἰς δίκην. Ἐπίσης, ἐγένετο γνωστὸν ὅτι τὸ ὑπουργεῖον ἐζήτησε λεπτομερῆ ἔκθεσιν ἐπὶ τοῦ θέματος.
ΤΡΙΠΛΗ ΚΑΤΗΓΟΡΙΑ
ΑΘΗΝΑΙ, 15. — Ἡ ὑπόθεσις ἀπησχόλησε χθὲς τὰς ἁρμοδίας ἀρχάς, αἱ ὁποῖαι προέβησαν εἰς τὴν διενέργειαν ἐξονυχιστικῆς ἀνακρίσεως πρὸς διαλεύκανσιν τῶν συνθηκῶν τοῦ συμβάντος. Κατὰ τὰς μέχρι τοῦδε πληροφορίας, τὰ στοιχεῖα τὰ ὁποῖα συνελέγησαν εἶναι ἐπαρκῆ διὰ τὴν ἀπόδοσιν εὐθυνῶν. Ἐξ ἄλλου, ὁ ἁρμόδιος εἰσαγγελεὺς διέταξε τὴν σύλληψιν τῶν ὑπαιτίων, οἱ ὁποῖοι θὰ παραπεμφθοῦν εἰς δίκην. Ἐπίσης, ἐγένετο γνωστὸν ὅτι τὸ ὑπουργεῖον ἐζήτησε λεπτομερῆ ἔκθεσιν ἐπὶ τοῦ θέματος.
Η ΙΑΤΡΟΔΙΚΑΣΤΙΚΗ ΕΡΕΥΝΑ
ΑΘΗΝΑΙ, 15. — Ἡ ὑπόθεσις ἀπησχόλησε χθὲς τὰς ἁρμοδίας ἀρχάς, αἱ ὁποῖαι προέβησαν εἰς τὴν διενέργειαν ἐξονυχιστικῆς ἀνακρίσεως πρὸς διαλεύκανσιν τῶν συνθηκῶν τοῦ συμβάντος. Κατὰ τὰς μέχρι τοῦδε πληροφορίας, τὰ στοιχεῖα τὰ ὁποῖα συνελέγησαν εἶναι ἐπαρκῆ διὰ τὴν ἀπόδοσιν εὐθυνῶν. Ἐξ ἄλλου, ὁ ἁρμόδιος εἰσαγγελεὺς διέταξε τὴν σύλληψιν τῶν ὑπαιτίων, οἱ ὁποῖοι θὰ παραπεμφθοῦν εἰς δίκην. Ἐπίσης, ἐγένετο γνωστὸν ὅτι τὸ ὑπουργεῖον ἐζήτησε λεπτομερῆ ἔκθεσιν ἐπὶ τοῦ θέματος.
Κ. Π. ΣΑΛΑΠΑΤΑΣ
ΤΟ ΜΕΤΣΟΒΙΟΝ ΠΟΛΥΤΕΧΝΕΙΟΝ ΔΕΝ ΠΑΡΕΣΧΕ ΤΑ ΑΙΤΗΘΕΝΤΑ ΥΠΟ ΤΟΥ ΥΠΟΥΡΓΕΙΟΥ ΣΤΟΙΧΕΙΑ ΕΠΙ ΤΟΥ ΘΕΜΑΤΟΣ ΛΑΘΟΣ ΚΛΙΜΕΝΩΝ ΘΕΜΑΤΩΝ
ΑΘΗΝΑΙ, 15. — Ἡ ὑπόθεσις ἀπησχόλησε χθὲς τὰς ἁρμοδίας ἀρχάς, αἱ ὁποῖαι προέβησαν εἰς τὴν διενέργειαν ἐξονυχιστικῆς ἀνακρίσεως πρὸς διαλεύκανσιν τῶν συνθηκῶν τοῦ συμβάντος. Κατὰ τὰς μέχρι τοῦδε πληροφορίας, τὰ στοιχεῖα τὰ ὁποῖα συνελέγησαν εἶναι ἐπαρκῆ διὰ τὴν ἀπόδοσιν εὐθυνῶν. Ἐξ ἄλλου, ὁ ἁρμόδιος εἰσαγγελεὺς διέταξε τὴν σύλληψιν τῶν ὑπαιτίων, οἱ ὁποῖοι θὰ παραπεμφθοῦν εἰς δίκην. Ἐπίσης, ἐγένετο γνωστὸν ὅτι τὸ ὑπουργεῖον ἐζήτησε λεπτομερῆ ἔκθεσιν ἐπὶ τοῦ θέματος.
ΑΘΗΝΑΙ, 15. — Ἡ ὑπόθεσις ἀπησχόλησε χθὲς τὰς ἁρμοδίας ἀρχάς, αἱ ὁποῖαι προέβησαν εἰς τὴν διενέργειαν ἐξονυχιστικῆς ἀνακρίσεως πρὸς διαλεύκανσιν τῶν συνθηκῶν τοῦ συμβάντος. Κατὰ τὰς μέχρι τοῦδε πληροφορίας, τὰ στοιχεῖα τὰ ὁποῖα συνελέγησαν εἶναι ἐπαρκῆ διὰ τὴν ἀπόδοσιν εὐθυνῶν. Ἐξ ἄλλου, ὁ ἁρμόδιος εἰσαγγελεὺς διέταξε τὴν σύλληψιν τῶν ὑπαιτίων, οἱ ὁποῖοι θὰ παραπεμφθοῦν εἰς δίκην. Ἐπίσης, ἐγένετο γνωστὸν ὅτι τὸ ὑπουργεῖον ἐζήτησε λεπτομερῆ ἔκθεσιν ἐπὶ τοῦ θέματος.
ΑΘΗΝΑΙ, 15. — Ἡ ὑπόθεσις ἀπησχόλησε χθὲς τὰς ἁρμοδίας ἀρχάς, αἱ ὁποῖαι προέβησαν εἰς τὴν διενέργειαν ἐξονυχιστικῆς ἀνακρίσεως πρὸς διαλεύκανσιν τῶν συνθηκῶν τοῦ συμβάντος. Κατὰ τὰς μέχρι τοῦδε πληροφορίας, τὰ στοιχεῖα τὰ ὁποῖα συνελέγησαν εἶναι ἐπαρκῆ διὰ τὴν ἀπόδοσιν εὐθυνῶν. Ἐξ ἄλλου, ὁ ἁρμόδιος εἰσαγγελεὺς διέταξε τὴν σύλληψιν τῶν ὑπαιτίων, οἱ ὁποῖοι θὰ παραπεμφθοῦν εἰς δίκην. Ἐπίσης, ἐγένετο γνωστὸν ὅτι τὸ ὑπουργεῖον ἐζήτησε λεπτομερῆ ἔκθεσιν ἐπὶ τοῦ θέματος.
